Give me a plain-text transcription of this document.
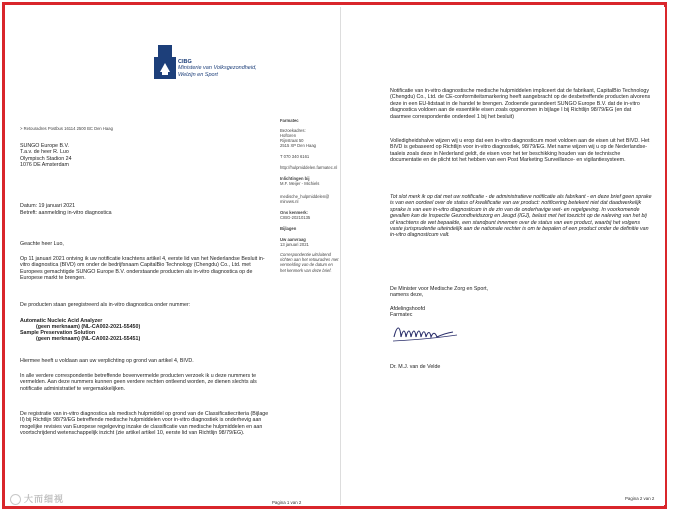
CIBG
Ministerie van Volksgezondheid, Welzijn en Sport
> Retouradres Postbus 16114 2500 BC Den Haag
SUNGO Europe B.V.
T.a.v. de heer R. Luo
Olympisch Stadion 24
1076 DE Amsterdam
Datum: 19 januari 2021
Betreft: aanmelding in-vitro diagnostica
Geachte heer Luo,
Op 11 januari 2021 ontving ik uw notificatie krachtens artikel 4, eerste lid van het Nederlandse Besluit in-vitro diagnostica (BIVD) om onder de bedrijfsnaam CapitalBio Technology (Chengdu) Co., Ltd. met Europees gemachtigde SUNGO Europe B.V. onderstaande producten als in-vitro diagnostica op de Europese markt te brengen.
De producten staan geregistreerd als in-vitro diagnostica onder nummer:
Automatic Nucleic Acid Analyzer
(geen merknaam) (NL-CA002-2021-55450)
Sample Preservation Solution
(geen merknaam) (NL-CA002-2021-55451)
Hiermee heeft u voldaan aan uw verplichting op grond van artikel 4, BIVD.
In alle verdere correspondentie betreffende bovenvermelde producten verzoek ik u deze nummers te vermelden. Aan deze nummers kunnen geen verdere rechten ontleend worden, ze dienen slechts als notificatie administratief te vergemakkelijken.
De registratie van in-vitro diagnostica als medisch hulpmiddel op grond van de Classificatiecriteria (Bijlage II) bij Richtlijn 98/79/EG betreffende medische hulpmiddelen voor in-vitro diagnostiek is onderhevig aan mogelijke revisies van Europese regelgeving inzake de classificatie van medische hulpmiddelen en aan voortschrijdend wetenschappelijk inzicht (zie artikel artikel 10, eerste lid van Richtlijn 98/79/EG).
Farmatec
Bezoekadres:
Hoftoren
Rijnstraat 50
2515 XP Den Haag
T 070 340 6161
http://hulpmiddelen.farmatec.nl
Inlichtingen bij
M.F. Meijer - Michiels
medische_hulpmiddelen@
minvws.nl
Ons kenmerk:
CIBG-20210135
Bijlagen
Uw aanvraag
13 januari 2021
Correspondentie uitsluitend
richten aan het retouradres met
vermelding van de datum en
het kenmerk van deze brief.
Pagina 1 van 2
Notificatie van in-vitro diagnostische medische hulpmiddelen impliceert dat de fabrikant, CapitalBio Technology (Chengdu) Co., Ltd. de CE-conformiteitsmarkering heeft aangebracht op de desbetreffende producten alvorens deze in een EU-lidstaat in de handel te brengen. Zodoende garandeert SUNGO Europe B.V. dat de in-vitro diagnostica voldoen aan de essentiële eisen zoals opgenomen in bijlage I bij Richtlijn 98/79/EG (en dat daarmee correspondentie onderdeel 1 bij het besluit)
Volledigheidshalve wijzen wij u erop dat een in-vitro diagnosticum moet voldoen aan de eisen uit het BIVD. Het BIVD is gebaseerd op Richtlijn voor in-vitro diagnostiek, 98/79/EG. Met name wijzen wij u op de Nederlandse-taaleis zoals deze in Nederland geldt, de eisen voor het ter beschikking houden van de technische documentatie en de plicht tot het hebben van een Post Marketing Surveillance- en vigilantiesysteem.
Tot slot merk ik op dat met uw notificatie - de administratieve notificatie als fabrikant - en deze brief geen sprake is van een oordeel over de status of kwalificatie van uw product: notificering betekent niet dat daadwerkelijk sprake is van een in-vitro diagnosticum in de zin van de onderhavige wet- en regelgeving. In voorkomende gevallen kan de Inspectie Gezondheidszorg en Jeugd (IGJ), belast met het toezicht op de naleving van het bij of krachtens de wet bepaalde, een standpunt innemen over de status van een product, waarbij het volgens vaste jurisprudentie uiteindelijk aan de nationale rechter is om te bepalen of een product onder de definitie van in-vitro diagnosticum valt.
De Minister voor Medische Zorg en Sport,
namens deze,
Afdelingshoofd
Farmatec
Dr. M.J. van de Velde
Pagina 2 van 2
大而细视
